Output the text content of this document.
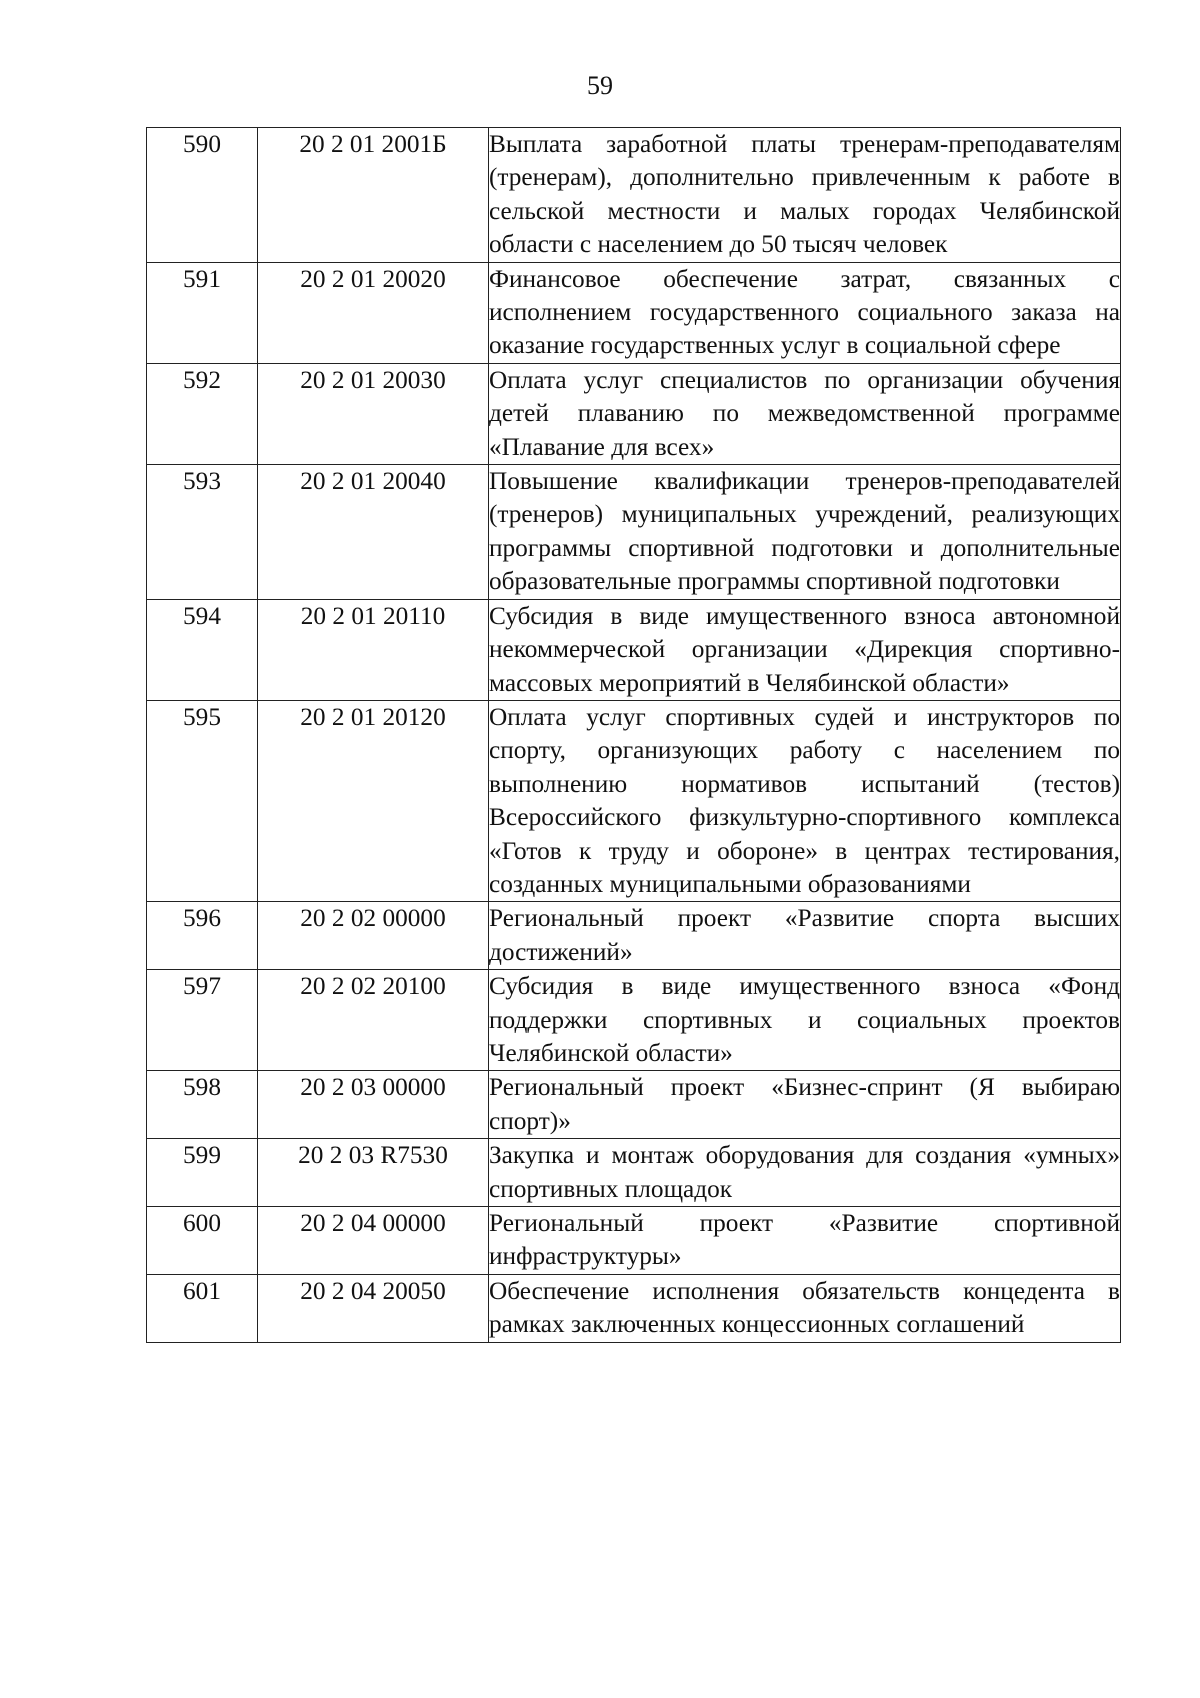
59
590	20 2 01 2001Б	Выплата заработной платы тренерам-преподавателям (тренерам), дополнительно привлеченным к работе в сельской местности и малых городах Челябинской области с населением до 50 тысяч человек
591	20 2 01 20020	Финансовое обеспечение затрат, связанных с исполнением государственного социального заказа на оказание государственных услуг в социальной сфере
592	20 2 01 20030	Оплата услуг специалистов по организации обучения детей плаванию по межведомственной программе «Плавание для всех»
593	20 2 01 20040	Повышение квалификации тренеров-преподавателей (тренеров) муниципальных учреждений, реализующих программы спортивной подготовки и дополнительные образовательные программы спортивной подготовки
594	20 2 01 20110	Субсидия в виде имущественного взноса автономной некоммерческой организации «Дирекция спортивно-массовых мероприятий в Челябинской области»
595	20 2 01 20120	Оплата услуг спортивных судей и инструкторов по спорту, организующих работу с населением по выполнению нормативов испытаний (тестов) Всероссийского физкультурно-спортивного комплекса «Готов к труду и обороне» в центрах тестирования, созданных муниципальными образованиями
596	20 2 02 00000	Региональный проект «Развитие спорта высших достижений»
597	20 2 02 20100	Субсидия в виде имущественного взноса «Фонд поддержки спортивных и социальных проектов Челябинской области»
598	20 2 03 00000	Региональный проект «Бизнес-спринт (Я выбираю спорт)»
599	20 2 03 R7530	Закупка и монтаж оборудования для создания «умных» спортивных площадок
600	20 2 04 00000	Региональный проект «Развитие спортивной инфраструктуры»
601	20 2 04 20050	Обеспечение исполнения обязательств концедента в рамках заключенных концессионных соглашений
